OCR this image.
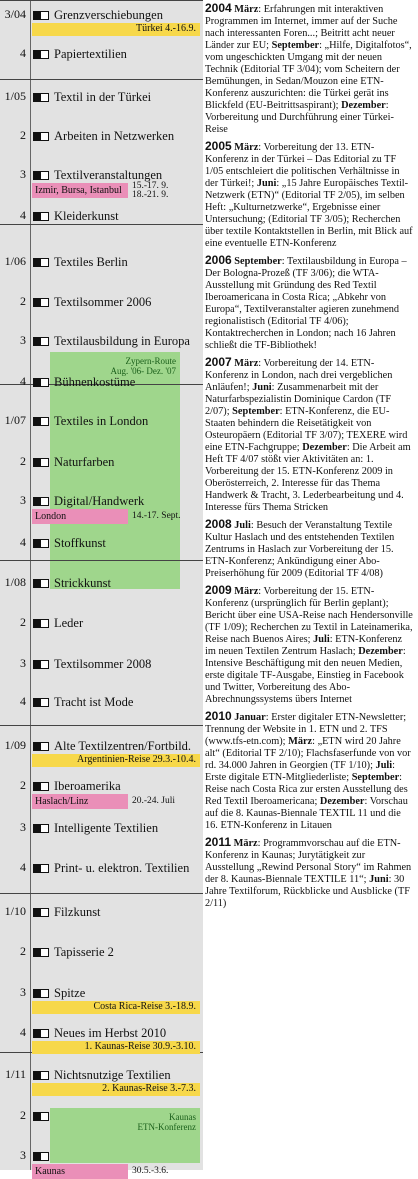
Kaunas
ETN-Konferenz
Zypern-Route
Aug. '06- Dez. '07
3/04 Grenzverschiebungen
Türkei 4.-16.9.
4 Papiertextilien
1/05 Textil in der Türkei
2 Arbeiten in Netzwerken
3 Textilveranstaltungen
Izmir, Bursa, Istanbul	15.-17. 9.
18.-21. 9.
4 Kleiderkunst
1/06 Textiles Berlin
2 Textilsommer 2006
3 Textilausbildung in Europa
4 Bühnenkostüme
1/07 Textiles in London
2 Naturfarben
3 Digital/Handwerk
London	14.-17. Sept.
4 Stoffkunst
1/08 Strickkunst
2 Leder
3 Textilsommer 2008
4 Tracht ist Mode
1/09 Alte Textilzentren/Fortbild.
Argentinien-Reise 29.3.-10.4.
2 Iberoamerika
Haslach/Linz	20.-24. Juli
3 Intelligente Textilien
4 Print- u. elektron. Textilien
1/10 Filzkunst
2 Tapisserie 2
3 Spitze
Costa Rica-Reise 3.-18.9.
4 Neues im Herbst 2010
1. Kaunas-Reise 30.9.-3.10.
1/11 Nichtsnutzige Textilien
2. Kaunas-Reise 3.-7.3.
2
3
Kaunas	30.5.-3.6.

2004 März: Erfahrungen mit interaktiven Programmen im Internet, immer auf der Suche nach interessanten Foren...; Beitritt acht neuer Länder zur EU; September: „Hilfe, Digitalfotos“, vom ungeschickten Umgang mit der neuen Technik (Editorial TF 3/04); vom Scheitern der Bemühungen, in Sedan/Mouzon eine ETN-Konferenz auszurichten: die Türkei gerät ins Blickfeld (EU-Beitrittsaspirant); Dezember: Vorbereitung und Durchführung einer Türkei-Reise

2005 März: Vorbereitung der 13. ETN-Konferenz in der Türkei – Das Editorial zu TF 1/05 entschleiert die politischen Verhältnisse in der Türkei!; Juni: „15 Jahre Europäisches Textil-Netzwerk (ETN)“ (Editorial TF 2/05), im selben Heft: „Kulturnetzwerke“, Ergebnisse einer Untersuchung; (Editorial TF 3/05); Recherchen über textile Kontaktstellen in Berlin, mit Blick auf eine eventuelle ETN-Konferenz

2006 September: Textilausbildung in Europa – Der Bologna-Prozeß (TF 3/06); die WTA-Ausstellung mit Gründung des Red Textil Iberoamericana in Costa Rica; „Abkehr von Europa“, Textilveranstalter agieren zunehmend regionalistisch (Editorial TF 4/06); Kontaktrecherchen in London; nach 16 Jahren schließt die TF-Bibliothek!

2007 März: Vorbereitung der 14. ETN-Konferenz in London, nach drei vergeblichen Anläufen!; Juni: Zusammenarbeit mit der Naturfarbspezialistin Dominique Cardon (TF 2/07); September: ETN-Konferenz, die EU-Staaten behindern die Reisetätigkeit von Osteuropäern (Editorial TF 3/07); TEXERE wird eine ETN-Fachgruppe; Dezember: Die Arbeit am Heft TF 4/07 stößt vier Aktivitäten an: 1. Vorbereitung der 15. ETN-Konferenz 2009 in Oberösterreich, 2. Interesse für das Thema Handwerk & Tracht, 3. Lederbearbeitung und 4. Interesse fürs Thema Stricken

2008 Juli: Besuch der Veranstaltung Textile Kultur Haslach und des entstehenden Textilen Zentrums in Haslach zur Vorbereitung der 15. ETN-Konferenz; Ankündigung einer Abo-Preiserhöhung für 2009 (Editorial TF 4/08)

2009 März: Vorbereitung der 15. ETN-Konferenz (ursprünglich für Berlin geplant); Bericht über eine USA-Reise nach Hendersonville (TF 1/09); Recherchen zu Textil in Lateinamerika, Reise nach Buenos Aires; Juli: ETN-Konferenz im neuen Textilen Zentrum Haslach; Dezember: Intensive Beschäftigung mit den neuen Medien, erste digitale TF-Ausgabe, Einstieg in Facebook und Twitter, Vorbereitung des Abo-Abrechnungssystems übers Internet

2010 Januar: Erster digitaler ETN-Newsletter; Trennung der Website in 1. ETN und 2. TFS (www.tfs-etn.com); März: „ETN wird 20 Jahre alt“ (Editorial TF 2/10); Flachsfaserfunde von vor rd. 34.000 Jahren in Georgien (TF 1/10); Juli: Erste digitale ETN-Mitgliederliste; September: Reise nach Costa Rica zur ersten Ausstellung des Red Textil Iberoamericana; Dezember: Vorschau auf die 8. Kaunas-Biennale TEXTIL 11 und die 16. ETN-Konferenz in Litauen

2011 März: Programmvorschau auf die ETN-Konferenz in Kaunas; Jurytätigkeit zur Ausstellung „Rewind Personal Story“ im Rahmen der 8. Kaunas-Biennale TEXTILE 11“; Juni: 30 Jahre Textilforum, Rückblicke und Ausblicke (TF 2/11)
